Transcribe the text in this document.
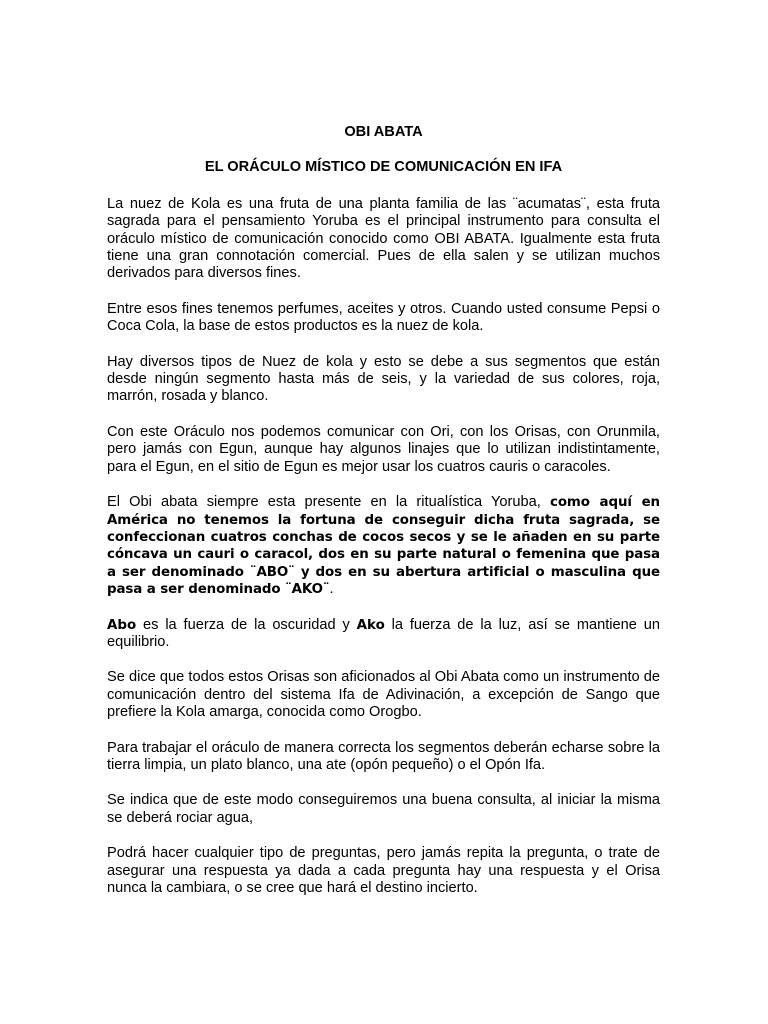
OBI ABATA
EL ORÁCULO MÍSTICO DE COMUNICACIÓN EN IFA

La nuez de Kola es una fruta de una planta familia de las ¨acumatas¨, esta fruta sagrada para el pensamiento Yoruba es el principal instrumento para consulta el oráculo místico de comunicación conocido como OBI ABATA. Igualmente esta fruta tiene una gran connotación comercial. Pues de ella salen y se utilizan muchos derivados para diversos fines.

Entre esos fines tenemos perfumes, aceites y otros. Cuando usted consume Pepsi o Coca Cola, la base de estos productos es la nuez de kola.

Hay diversos tipos de Nuez de kola y esto se debe a sus segmentos que están desde ningún segmento hasta más de seis, y la variedad de sus colores, roja, marrón, rosada y blanco.

Con este Oráculo nos podemos comunicar con Ori, con los Orisas, con Orunmila, pero jamás con Egun, aunque hay algunos linajes que lo utilizan indistintamente, para el Egun, en el sitio de Egun es mejor usar los cuatros cauris o caracoles.

El Obi abata siempre esta presente en la ritualística Yoruba, como aquí en América no tenemos la fortuna de conseguir dicha fruta sagrada, se confeccionan cuatros conchas de cocos secos y se le añaden en su parte cóncava un cauri o caracol, dos en su parte natural o femenina que pasa a ser denominado ¨ABO¨ y dos en su abertura artificial o masculina que pasa a ser denominado ¨AKO¨.

Abo es la fuerza de la oscuridad y Ako la fuerza de la luz, así se mantiene un equilibrio.

Se dice que todos estos Orisas son aficionados al Obi Abata como un instrumento de comunicación dentro del sistema Ifa de Adivinación, a excepción de Sango que prefiere la Kola amarga, conocida como Orogbo.

Para trabajar el oráculo de manera correcta los segmentos deberán echarse sobre la tierra limpia, un plato blanco, una ate (opón pequeño) o el Opón Ifa.

Se indica que de este modo conseguiremos una buena consulta, al iniciar la misma se deberá rociar agua,

Podrá hacer cualquier tipo de preguntas, pero jamás repita la pregunta, o trate de asegurar una respuesta ya dada a cada pregunta hay una respuesta y el Orisa nunca la cambiara, o se cree que hará el destino incierto.
